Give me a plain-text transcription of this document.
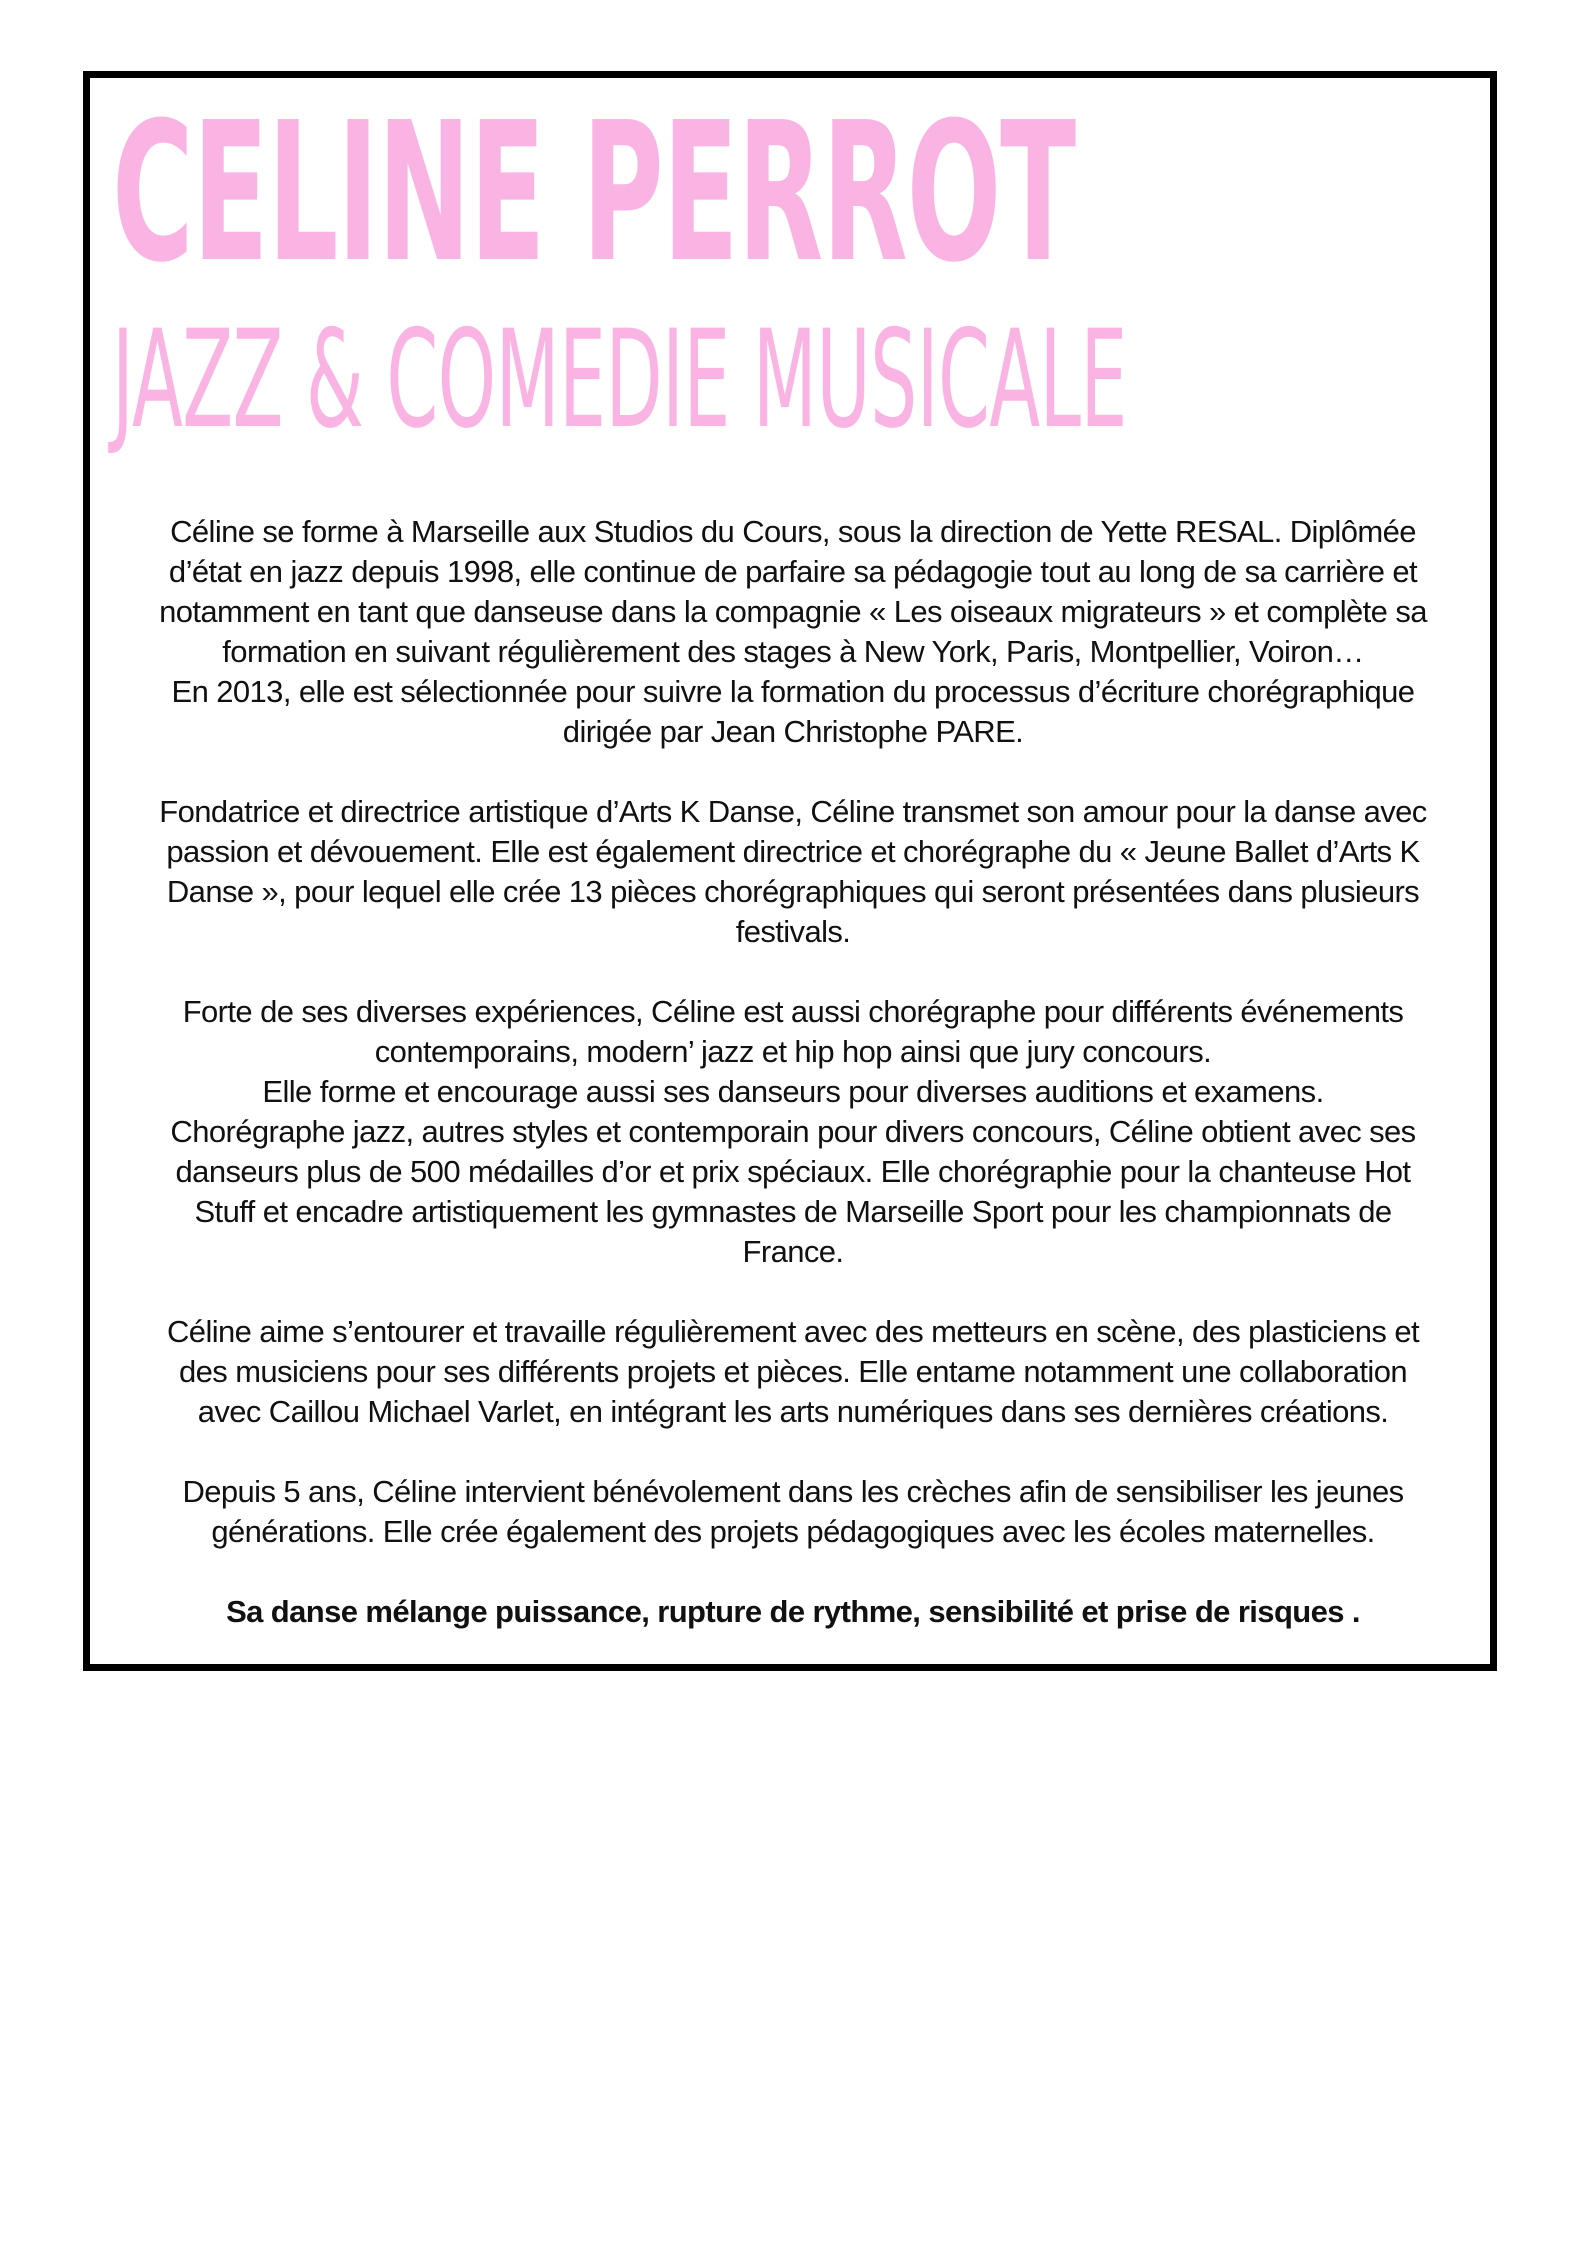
CELINE PERROT
JAZZ & COMEDIE MUSICALE

Céline se forme à Marseille aux Studios du Cours, sous la direction de Yette RESAL. Diplômée
d’état en jazz depuis 1998, elle continue de parfaire sa pédagogie tout au long de sa carrière et
notamment en tant que danseuse dans la compagnie « Les oiseaux migrateurs » et complète sa
formation en suivant régulièrement des stages à New York, Paris, Montpellier, Voiron…
En 2013, elle est sélectionnée pour suivre la formation du processus d’écriture chorégraphique
dirigée par Jean Christophe PARE.

Fondatrice et directrice artistique d’Arts K Danse, Céline transmet son amour pour la danse avec
passion et dévouement. Elle est également directrice et chorégraphe du « Jeune Ballet d’Arts K
Danse », pour lequel elle crée 13 pièces chorégraphiques qui seront présentées dans plusieurs
festivals.

Forte de ses diverses expériences, Céline est aussi chorégraphe pour différents événements
contemporains, modern’ jazz et hip hop ainsi que jury concours.
Elle forme et encourage aussi ses danseurs pour diverses auditions et examens.
Chorégraphe jazz, autres styles et contemporain pour divers concours, Céline obtient avec ses
danseurs plus de 500 médailles d’or et prix spéciaux. Elle chorégraphie pour la chanteuse Hot
Stuff et encadre artistiquement les gymnastes de Marseille Sport pour les championnats de
France.

Céline aime s’entourer et travaille régulièrement avec des metteurs en scène, des plasticiens et
des musiciens pour ses différents projets et pièces. Elle entame notamment une collaboration
avec Caillou Michael Varlet, en intégrant les arts numériques dans ses dernières créations.

Depuis 5 ans, Céline intervient bénévolement dans les crèches afin de sensibiliser les jeunes
générations. Elle crée également des projets pédagogiques avec les écoles maternelles.

Sa danse mélange puissance, rupture de rythme, sensibilité et prise de risques .
